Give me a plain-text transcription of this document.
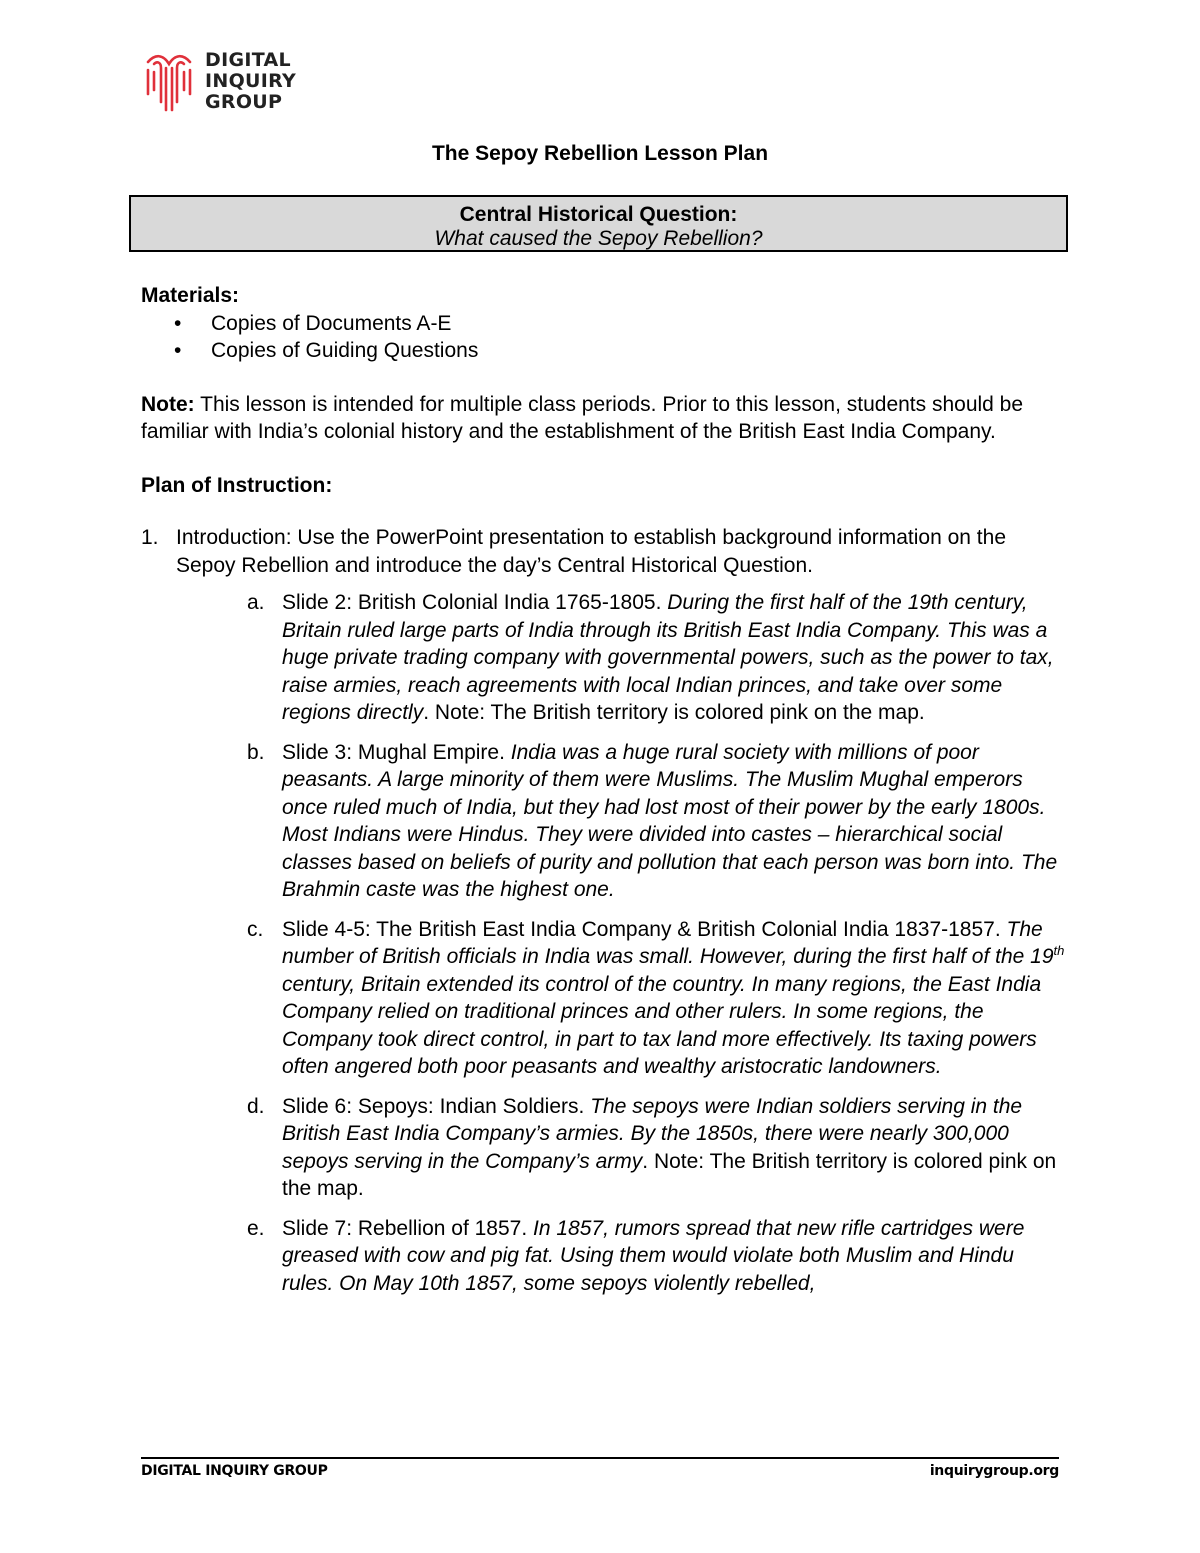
DIGITAL
INQUIRY
GROUP
The Sepoy Rebellion Lesson Plan
Central Historical Question:
What caused the Sepoy Rebellion?
Materials:
• Copies of Documents A-E
• Copies of Guiding Questions
Note: This lesson is intended for multiple class periods. Prior to this lesson, students should be familiar with India’s colonial history and the establishment of the British East India Company.
Plan of Instruction:
1. Introduction: Use the PowerPoint presentation to establish background information on the Sepoy Rebellion and introduce the day’s Central Historical Question.
a. Slide 2: British Colonial India 1765-1805. During the first half of the 19th century, Britain ruled large parts of India through its British East India Company. This was a huge private trading company with governmental powers, such as the power to tax, raise armies, reach agreements with local Indian princes, and take over some regions directly. Note: The British territory is colored pink on the map.
b. Slide 3: Mughal Empire. India was a huge rural society with millions of poor peasants. A large minority of them were Muslims. The Muslim Mughal emperors once ruled much of India, but they had lost most of their power by the early 1800s. Most Indians were Hindus. They were divided into castes – hierarchical social classes based on beliefs of purity and pollution that each person was born into. The Brahmin caste was the highest one.
c. Slide 4-5: The British East India Company & British Colonial India 1837-1857. The number of British officials in India was small. However, during the first half of the 19th century, Britain extended its control of the country. In many regions, the East India Company relied on traditional princes and other rulers. In some regions, the Company took direct control, in part to tax land more effectively. Its taxing powers often angered both poor peasants and wealthy aristocratic landowners.
d. Slide 6: Sepoys: Indian Soldiers. The sepoys were Indian soldiers serving in the British East India Company’s armies. By the 1850s, there were nearly 300,000 sepoys serving in the Company’s army. Note: The British territory is colored pink on the map.
e. Slide 7: Rebellion of 1857. In 1857, rumors spread that new rifle cartridges were greased with cow and pig fat. Using them would violate both Muslim and Hindu rules. On May 10th 1857, some sepoys violently rebelled,
DIGITAL INQUIRY GROUP	inquirygroup.org
